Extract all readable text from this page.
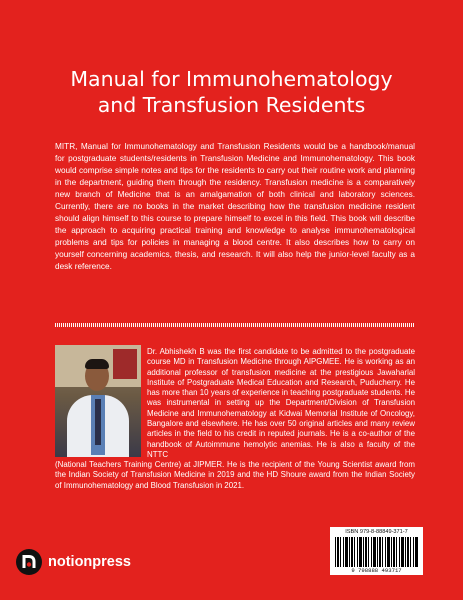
Manual for Immunohematology
and Transfusion Residents

MITR, Manual for Immunohematology and Transfusion Residents would be a handbook/manual for postgraduate students/residents in Transfusion Medicine and Immunohematology. This book would comprise simple notes and tips for the residents to carry out their routine work and planning in the department, guiding them through the residency. Transfusion medicine is a comparatively new branch of Medicine that is an amalgamation of both clinical and laboratory sciences. Currently, there are no books in the market describing how the transfusion medicine resident should align himself to this course to prepare himself to excel in this field. This book will describe the approach to acquiring practical training and knowledge to analyse immunohematological problems and tips for policies in managing a blood centre. It also describes how to carry on yourself concerning academics, thesis, and research. It will also help the junior-level faculty as a desk reference.

Dr. Abhishekh B was the first candidate to be admitted to the postgraduate course MD in Transfusion Medicine through AIPGMEE. He is working as an additional professor of transfusion medicine at the prestigious Jawaharlal Institute of Postgraduate Medical Education and Research, Puducherry. He has more than 10 years of experience in teaching postgraduate students. He was instrumental in setting up the Department/Division of Transfusion Medicine and Immunohematology at Kidwai Memorial Institute of Oncology, Bangalore and elsewhere. He has over 50 original articles and many review articles in the field to his credit in reputed journals. He is a co-author of the handbook of Autoimmune hemolytic anemias. He is also a faculty of the NTTC

(National Teachers Training Centre) at JIPMER. He is the recipient of the Young Scientist award from the Indian Society of Transfusion Medicine in 2019 and the HD Shoure award from the Indian Society of Immunohematology and Blood Transfusion in 2021.

notionpress
ISBN 979-8-88849-371-7
9 798888 493717
